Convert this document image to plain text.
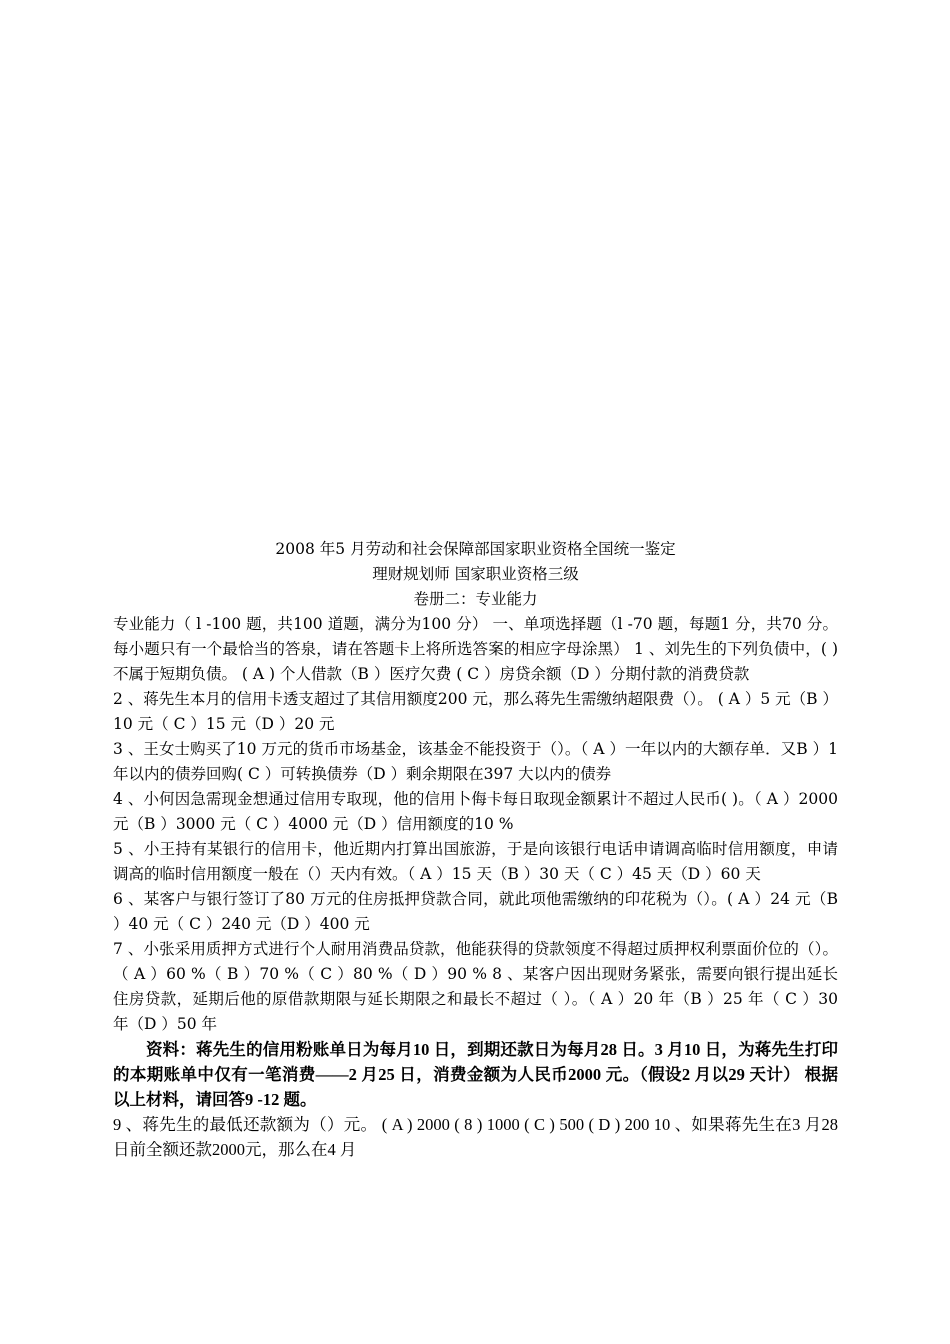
2008 年5 月劳动和社会保障部国家职业资格全国统一鉴定
理财规划师 国家职业资格三级
卷册二：专业能力

专业能力（ l -100 题，共100 道题，满分为100 分） 一、单项选择题（l -70 题，每题1 分，共70 分。每小题只有一个最恰当的答泉，请在答题卡上将所选答案的相应字母涂黑） 1 、刘先生的下列负债中，( ) 不属于短期负债。 ( A ) 个人借款（B ）医疗欠费 ( C ）房贷余额（D ）分期付款的消费贷款

2 、蒋先生本月的信用卡透支超过了其信用额度200 元，那么蒋先生需缴纳超限费（）。 ( A ）5 元（B ）10 元（ C ）15 元（D ）20 元

3 、王女士购买了10 万元的货币市场基金，该基金不能投资于（）。（ A ）一年以内的大额存单．又B ）1 年以内的债券回购( C ）可转换债券（D ）剩余期限在397 大以内的债券

4 、小何因急需现金想通过信用专取现，他的信用卜侮卡每日取现金额累计不超过人民币( )。（ A ）2000 元（B ）3000 元（ C ）4000 元（D ）信用额度的10 %

5 、小王持有某银行的信用卡，他近期内打算出国旅游，于是向该银行电话申请调高临时信用额度，申请调高的临时信用额度一般在（）天内有效。（ A ）15 天（B ）30 天（ C ）45 天（D ）60 天

6 、某客户与银行签订了80 万元的住房抵押贷款合同，就此项他需缴纳的印花税为（）。( A ）24 元（B ）40 元（ C ）240 元（D ）400 元

7 、小张采用质押方式进行个人耐用消费品贷款，他能获得的贷款领度不得超过质押权利票面价位的（）。（ A ）60 %（ B ）70 %（ C ）80 %（ D ）90 % 8 、某客户因出现财务紧张，需要向银行提出延长住房贷款，延期后他的原借款期限与延长期限之和最长不超过（ ）。（ A ）20 年（B ）25 年（ C ）30 年（D ）50 年

资料：蒋先生的信用粉账单日为每月10 日，到期还款日为每月28 日。3 月10 日，为蒋先生打印的本期账单中仅有一笔消费——2 月25 日，消费金额为人民币2000 元。（假设2 月以29 天计） 根据以上材料，请回答9 -12 题。

9 、蒋先生的最低还款额为（）元。 ( A ) 2000 ( 8 ) 1000 ( C ) 500 ( D ) 200 10 、如果蒋先生在3 月28 日前全额还款2000元，那么在4 月
